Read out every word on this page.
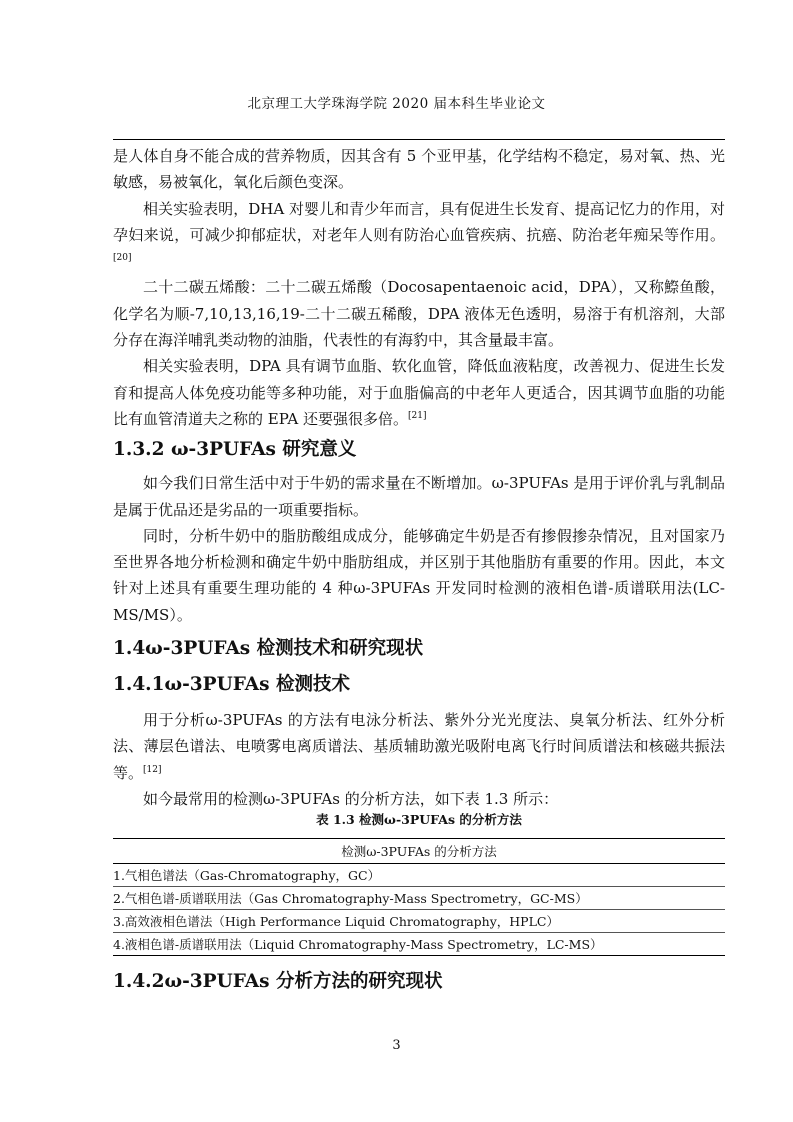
北京理工大学珠海学院 2020 届本科生毕业论文

是人体自身不能合成的营养物质，因其含有 5 个亚甲基，化学结构不稳定，易对氧、热、光敏感，易被氧化，氧化后颜色变深。

相关实验表明，DHA 对婴儿和青少年而言，具有促进生长发育、提高记忆力的作用，对孕妇来说，可减少抑郁症状，对老年人则有防治心血管疾病、抗癌、防治老年痴呆等作用。[20]

二十二碳五烯酸：二十二碳五烯酸（Docosapentaenoic acid，DPA），又称鰶鱼酸，化学名为顺-7,10,13,16,19-二十二碳五稀酸，DPA 液体无色透明，易溶于有机溶剂，大部分存在海洋哺乳类动物的油脂，代表性的有海豹中，其含量最丰富。

相关实验表明，DPA 具有调节血脂、软化血管，降低血液粘度，改善视力、促进生长发育和提高人体免疫功能等多种功能，对于血脂偏高的中老年人更适合，因其调节血脂的功能比有血管清道夫之称的 EPA 还要强很多倍。[21]

1.3.2 ω-3PUFAs 研究意义

如今我们日常生活中对于牛奶的需求量在不断增加。ω-3PUFAs 是用于评价乳与乳制品是属于优品还是劣品的一项重要指标。

同时，分析牛奶中的脂肪酸组成成分，能够确定牛奶是否有掺假掺杂情况，且对国家乃至世界各地分析检测和确定牛奶中脂肪组成，并区别于其他脂肪有重要的作用。因此，本文针对上述具有重要生理功能的 4 种ω-3PUFAs 开发同时检测的液相色谱-质谱联用法(LC-MS/MS）。

1.4ω-3PUFAs 检测技术和研究现状
1.4.1ω-3PUFAs 检测技术

用于分析ω-3PUFAs 的方法有电泳分析法、紫外分光光度法、臭氧分析法、红外分析法、薄层色谱法、电喷雾电离质谱法、基质辅助激光吸附电离飞行时间质谱法和核磁共振法等。[12]

如今最常用的检测ω-3PUFAs 的分析方法，如下表 1.3 所示：

表 1.3 检测ω-3PUFAs 的分析方法
检测ω-3PUFAs 的分析方法
1.气相色谱法（Gas-Chromatography，GC）
2.气相色谱-质谱联用法（Gas Chromatography-Mass Spectrometry，GC-MS）
3.高效液相色谱法（High Performance Liquid Chromatography，HPLC）
4.液相色谱-质谱联用法（Liquid Chromatography-Mass Spectrometry，LC-MS）
1.4.2ω-3PUFAs 分析方法的研究现状
3
